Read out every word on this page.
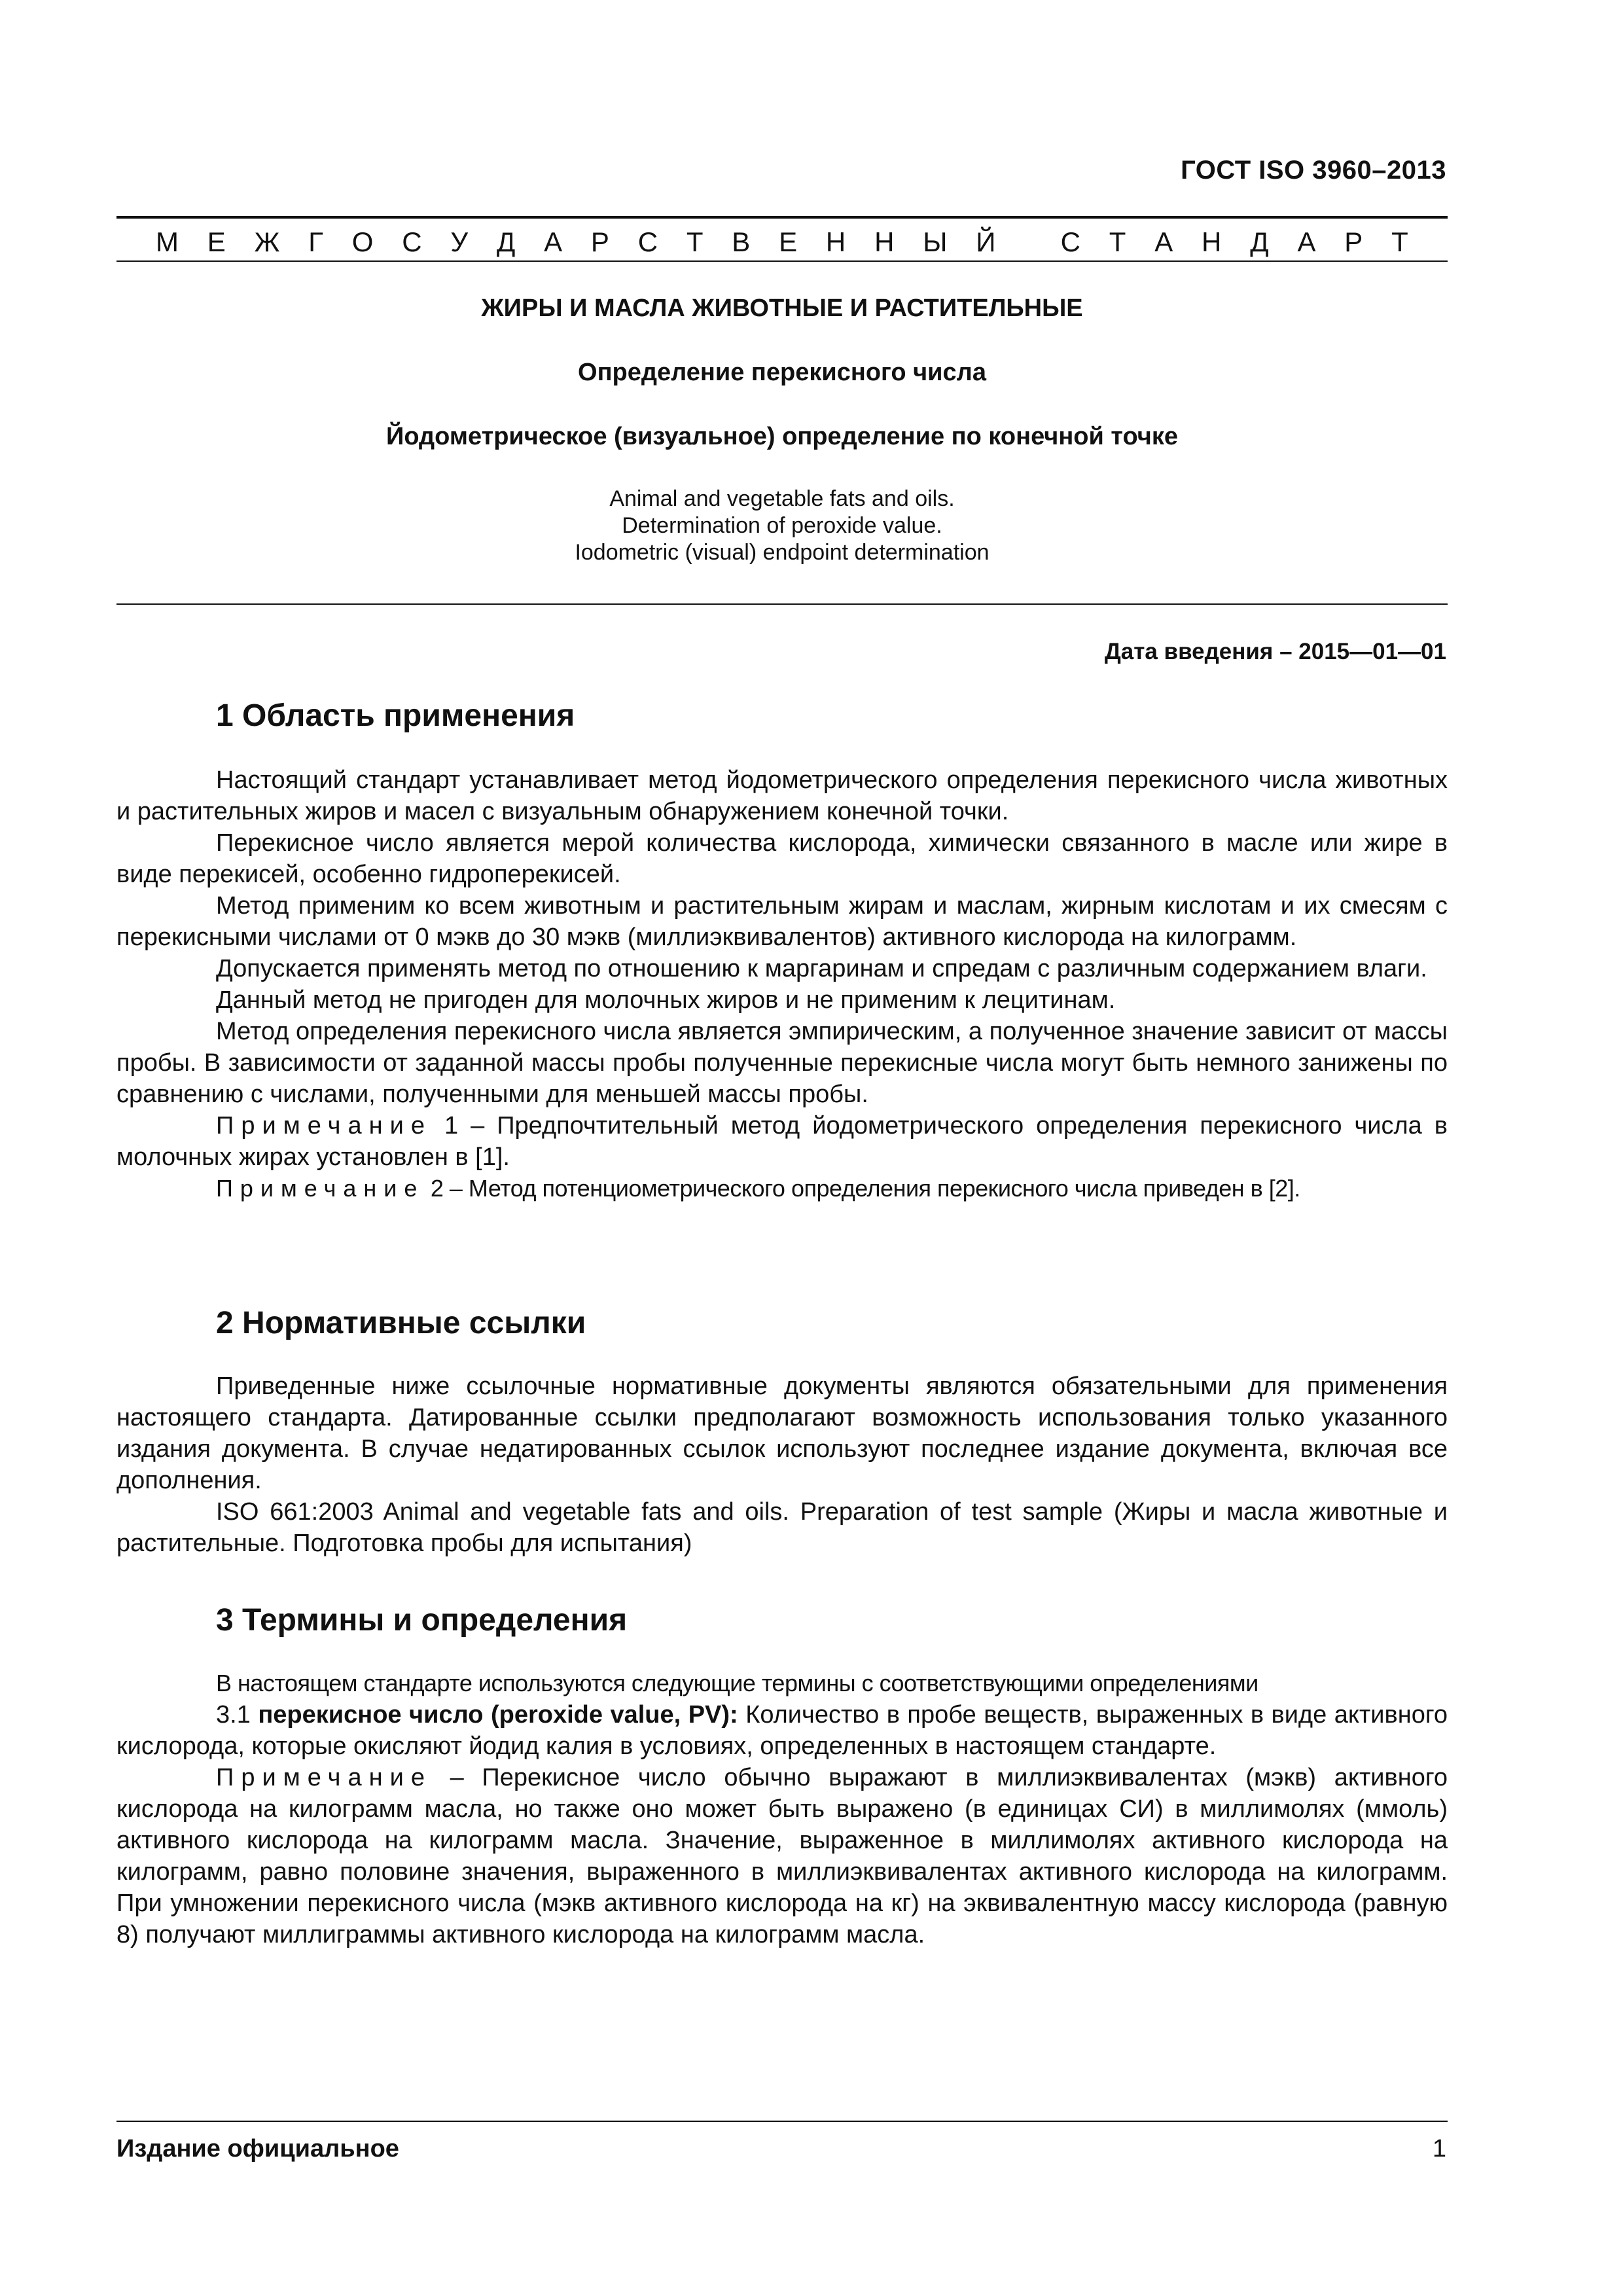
ГОСТ ISO 3960–2013
М Е Ж Г О С У Д А Р С Т В Е Н Н Ы Й
С Т А Н Д А Р Т
ЖИРЫ И МАСЛА ЖИВОТНЫЕ И РАСТИТЕЛЬНЫЕ
Определение перекисного числа
Йодометрическое (визуальное) определение по конечной точке
Animal and vegetable fats and oils.
Determination of peroxide value.
Iodometric (visual) endpoint determination
Дата введения – 2015—01—01
1 Область применения

Настоящий стандарт устанавливает метод йодометрического определения перекисного числа животных и растительных жиров и масел с визуальным обнаружением конечной точки.

Перекисное число является мерой количества кислорода, химически связанного в масле или жире в виде перекисей, особенно гидроперекисей.

Метод применим ко всем животным и растительным жирам и маслам, жирным кислотам и их смесям с перекисными числами от 0 мэкв до 30 мэкв (миллиэквивалентов) активного кислорода на килограмм.

Допускается применять метод по отношению к маргаринам и спредам с различным содержанием влаги.

Данный метод не пригоден для молочных жиров и не применим к лецитинам.

Метод определения перекисного числа является эмпирическим, а полученное значение зависит от массы пробы. В зависимости от заданной массы пробы полученные перекисные числа могут быть немного занижены по сравнению с числами, полученными для меньшей массы пробы.

Примечание 1 – Предпочтительный метод йодометрического определения перекисного числа в молочных жирах установлен в [1].

Примечание 2 – Метод потенциометрического определения перекисного числа приведен в [2].

2 Нормативные ссылки

Приведенные ниже ссылочные нормативные документы являются обязательными для применения настоящего стандарта. Датированные ссылки предполагают возможность использования только указанного издания документа. В случае недатированных ссылок используют последнее издание документа, включая все дополнения.

ISO 661:2003 Animal and vegetable fats and oils. Preparation of test sample (Жиры и масла животные и растительные. Подготовка пробы для испытания)

3 Термины и определения

В настоящем стандарте используются следующие термины с соответствующими определениями

3.1 перекисное число (peroxide value, PV): Количество в пробе веществ, выраженных в виде активного кислорода, которые окисляют йодид калия в условиях, определенных в настоящем стандарте.

Примечание – Перекисное число обычно выражают в миллиэквивалентах (мэкв) активного кислорода на килограмм масла, но также оно может быть выражено (в единицах СИ) в миллимолях (ммоль) активного кислорода на килограмм масла. Значение, выраженное в миллимолях активного кислорода на килограмм, равно половине значения, выраженного в миллиэквивалентах активного кислорода на килограмм. При умножении перекисного числа (мэкв активного кислорода на кг) на эквивалентную массу кислорода (равную 8) получают миллиграммы активного кислорода на килограмм масла.

Издание официальное	1
